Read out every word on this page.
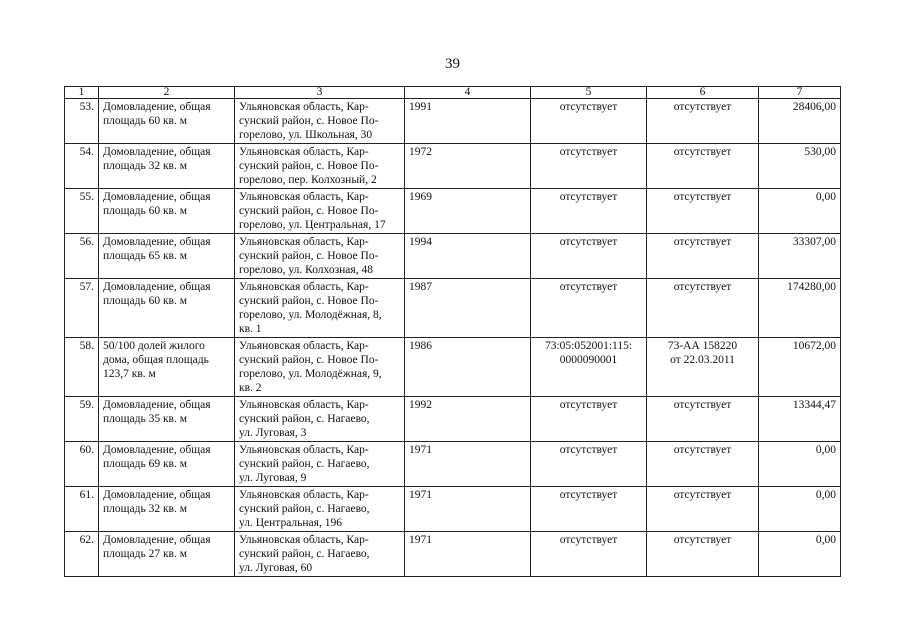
39
1	2	3	4	5	6	7

53.	Домовладение, общая
площадь 60 кв. м	Ульяновская область, Кар-
сунский район, с. Новое По-
горелово, ул. Школьная, 30	1991	отсутствует	отсутствует	28406,00

54.	Домовладение, общая
площадь 32 кв. м	Ульяновская область, Кар-
сунский район, с. Новое По-
горелово, пер. Колхозный, 2	1972	отсутствует	отсутствует	530,00

55.	Домовладение, общая
площадь 60 кв. м	Ульяновская область, Кар-
сунский район, с. Новое По-
горелово, ул. Центральная, 17	1969	отсутствует	отсутствует	0,00

56.	Домовладение, общая
площадь 65 кв. м	Ульяновская область, Кар-
сунский район, с. Новое По-
горелово, ул. Колхозная, 48	1994	отсутствует	отсутствует	33307,00

57.	Домовладение, общая
площадь 60 кв. м	Ульяновская область, Кар-
сунский район, с. Новое По-
горелово, ул. Молодёжная, 8,
кв. 1	1987	отсутствует	отсутствует	174280,00

58.	50/100 долей жилого
дома, общая площадь
123,7 кв. м	Ульяновская область, Кар-
сунский район, с. Новое По-
горелово, ул. Молодёжная, 9,
кв. 2	1986	73:05:052001:115:
0000090001	73-АА 158220
от 22.03.2011	10672,00

59.	Домовладение, общая
площадь 35 кв. м	Ульяновская область, Кар-
сунский район, с. Нагаево,
ул. Луговая, 3	1992	отсутствует	отсутствует	13344,47

60.	Домовладение, общая
площадь 69 кв. м	Ульяновская область, Кар-
сунский район, с. Нагаево,
ул. Луговая, 9	1971	отсутствует	отсутствует	0,00

61.	Домовладение, общая
площадь 32 кв. м	Ульяновская область, Кар-
сунский район, с. Нагаево,
ул. Центральная, 196	1971	отсутствует	отсутствует	0,00

62.	Домовладение, общая
площадь 27 кв. м	Ульяновская область, Кар-
сунский район, с. Нагаево,
ул. Луговая, 60	1971	отсутствует	отсутствует	0,00
